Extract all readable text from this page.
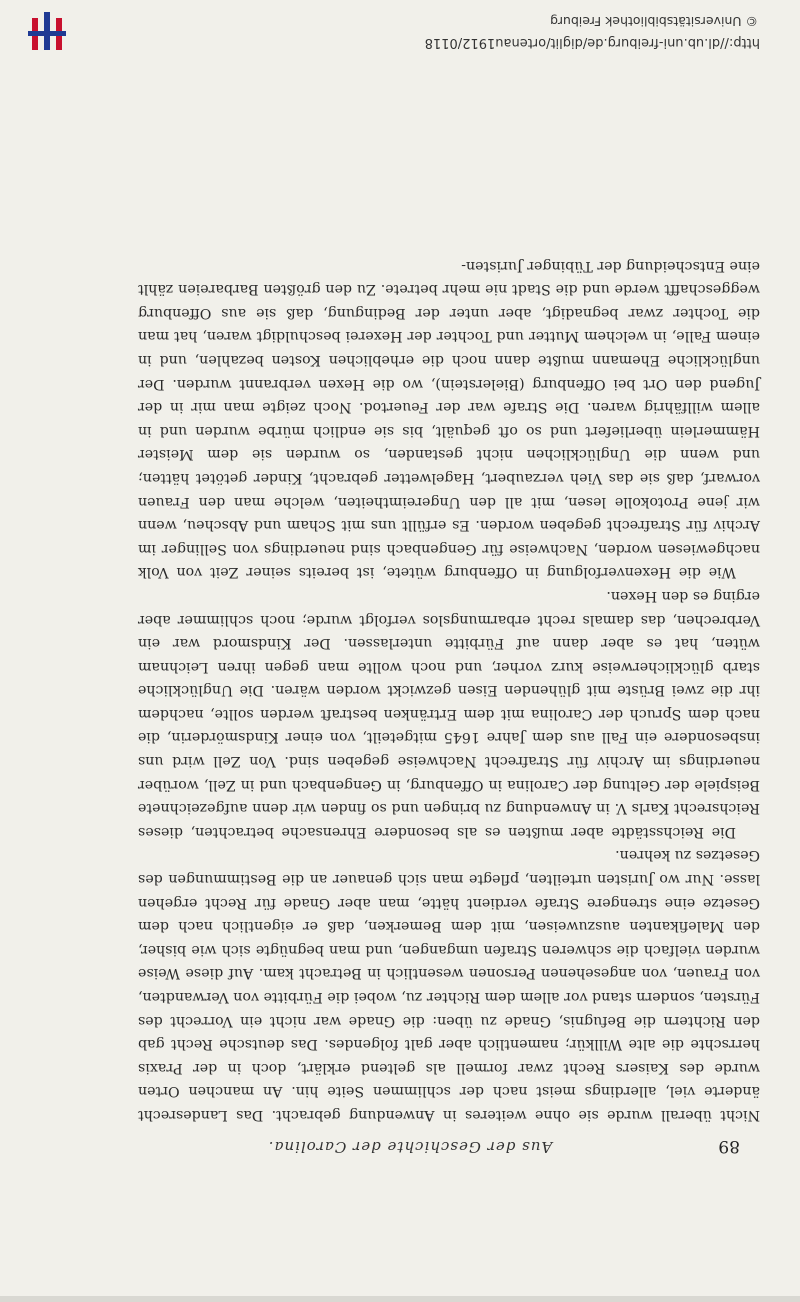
89
Aus der Geschichte der Carolina.

Nicht überall wurde sie ohne weiteres in Anwendung gebracht. Das Landesrecht änderte viel, allerdings meist nach der schlimmen Seite hin. An manchen Orten wurde des Kaisers Recht zwar formell als geltend erklärt, doch in der Praxis herrschte die alte Willkür; namentlich aber galt folgendes. Das deutsche Recht gab den Richtern die Befugnis, Gnade zu üben: die Gnade war nicht ein Vorrecht des Fürsten, sondern stand vor allem dem Richter zu, wobei die Fürbitte von Verwandten, von Frauen, von angesehenen Personen wesentlich in Betracht kam. Auf diese Weise wurden vielfach die schweren Strafen umgangen, und man begnügte sich wie bisher, den Malefikanten auszuweisen, mit dem Bemerken, daß er eigentlich nach dem Gesetze eine strengere Strafe verdient hätte, man aber Gnade für Recht ergehen lasse. Nur wo Juristen urteilten, pflegte man sich genauer an die Bestimmungen des Gesetzes zu kehren.

Die Reichsstädte aber mußten es als besondere Ehrensache betrachten, dieses Reichsrecht Karls V. in Anwendung zu bringen und so finden wir denn aufgezeichnete Beispiele der Geltung der Carolina in Offenburg, in Gengenbach und in Zell, worüber neuerdings im Archiv für Strafrecht Nachweise gegeben sind. Von Zell wird uns insbesondere ein Fall aus dem Jahre 1645 mitgeteilt, von einer Kindsmörderin, die nach dem Spruch der Carolina mit dem Ertränken bestraft werden sollte, nachdem ihr die zwei Brüste mit glühenden Eisen gezwickt worden wären. Die Unglückliche starb glücklicherweise kurz vorher, und noch wollte man gegen ihren Leichnam wüten, hat es aber dann auf Fürbitte unterlassen. Der Kindsmord war ein Verbrechen, das damals recht erbarmungslos verfolgt wurde; noch schlimmer aber erging es den Hexen.

Wie die Hexenverfolgung in Offenburg wütete, ist bereits seiner Zeit von Volk nachgewiesen worden, Nachweise für Gengenbach sind neuerdings von Sellinger im Archiv für Strafrecht gegeben worden. Es erfüllt uns mit Scham und Abscheu, wenn wir jene Protokolle lesen, mit all den Ungereimtheiten, welche man den Frauen vorwarf, daß sie das Vieh verzaubert, Hagelwetter gebracht, Kinder getötet hätten; und wenn die Unglücklichen nicht gestanden, so wurden sie dem Meister Hämmerlein überliefert und so oft gequält, bis sie endlich mürbe wurden und in allem willfährig waren. Die Strafe war der Feuertod. Noch zeigte man mir in der Jugend den Ort bei Offenburg (Bielerstein), wo die Hexen verbrannt wurden. Der unglückliche Ehemann mußte dann noch die erheblichen Kosten bezahlen, und in einem Falle, in welchem Mutter und Tochter der Hexerei beschuldigt waren, hat man die Tochter zwar begnadigt, aber unter der Bedingung, daß sie aus Offenburg weggeschafft werde und die Stadt nie mehr betrete. Zu den größten Barbareien zählt eine Entscheidung der Tübinger Juristen-

http://dl.ub.uni-freiburg.de/diglit/ortenau1912/0118
© Universitätsbibliothek Freiburg
